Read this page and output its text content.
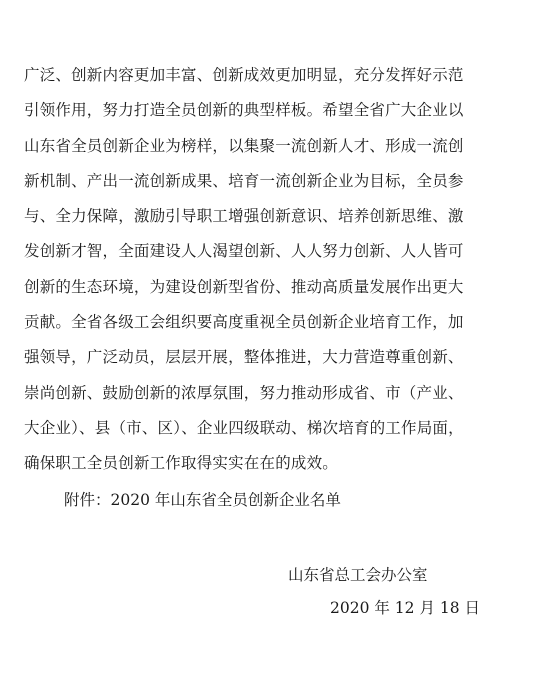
广泛、创新内容更加丰富、创新成效更加明显，充分发挥好示范
引领作用，努力打造全员创新的典型样板。希望全省广大企业以
山东省全员创新企业为榜样，以集聚一流创新人才、形成一流创
新机制、产出一流创新成果、培育一流创新企业为目标，全员参
与、全力保障，激励引导职工增强创新意识、培养创新思维、激
发创新才智，全面建设人人渴望创新、人人努力创新、人人皆可
创新的生态环境，为建设创新型省份、推动高质量发展作出更大
贡献。全省各级工会组织要高度重视全员创新企业培育工作，加
强领导，广泛动员，层层开展，整体推进，大力营造尊重创新、
崇尚创新、鼓励创新的浓厚氛围，努力推动形成省、市（产业、
大企业）、县（市、区）、企业四级联动、梯次培育的工作局面，
确保职工全员创新工作取得实实在在的成效。
附件：2020 年山东省全员创新企业名单
山东省总工会办公室
2020 年 12 月 18 日
